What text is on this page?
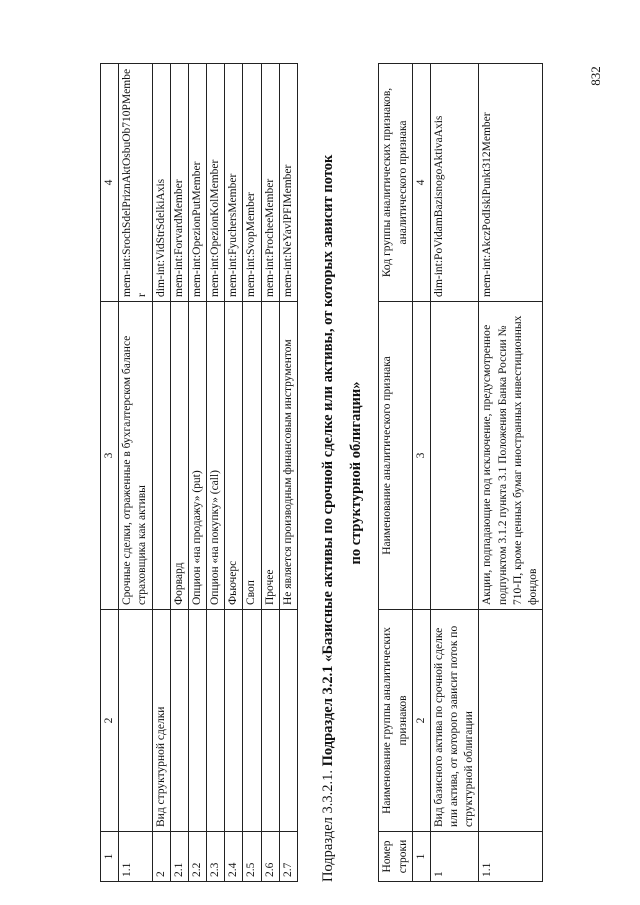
832
1	2	3	4
1.1		Срочные сделки, отраженные в бухгалтерском балансе страховщика как активы	mem-int:SrochSdelPriznAktOsbuOb710PMember
2	Вид структурной сделки		dim-int:VidStrSdelkiAxis
2.1		Форвард	mem-int:ForvardMember
2.2		Опцион «на продажу» (put)	mem-int:OpezionPutMember
2.3		Опцион «на покупку» (call)	mem-int:OpezionKolMember
2.4		Фьючерс	mem-int:FyuchersMember
2.5		Своп	mem-int:SvopMember
2.6		Прочее	mem-int:ProcheeMember
2.7		Не является производным финансовым инструментом	mem-int:NeYavlPFIMember
Подраздел 3.3.2.1. Подраздел 3.2.1 «Базисные активы по срочной сделке или активы, от которых зависит поток по структурной облигации»
Номер строки	Наименование группы аналитических признаков	Наименование аналитического признака	Код группы аналитических признаков, аналитического признака
1	2	3	4
1	Вид базисного актива по срочной сделке или актива, от которого зависит поток по структурной облигации		dim-int:PoVidamBazisnogoAktivaAxis
1.1		Акции, подпадающие под исключение, предусмотренное подпунктом 3.1.2 пункта 3.1 Положения Банка России № 710-П, кроме ценных бумаг иностранных инвестиционных фондов	mem-int:AkczPodIsklPunkt312Member
